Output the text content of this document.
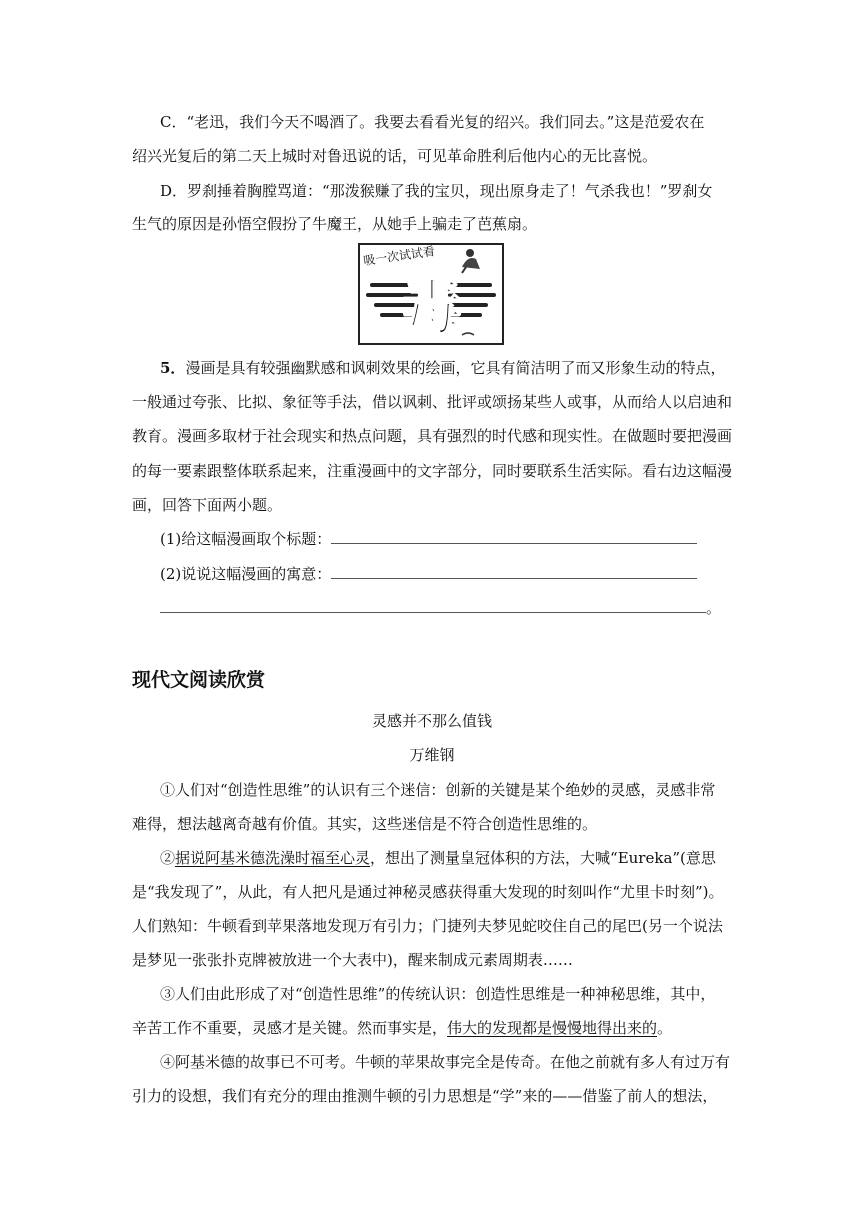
C．“老迅，我们今天不喝酒了。我要去看看光复的绍兴。我们同去。”这是范爱农在
绍兴光复后的第二天上城时对鲁迅说的话，可见革命胜利后他内心的无比喜悦。
D．罗刹捶着胸膛骂道：“那泼猴赚了我的宝贝，现出原身走了！气杀我也！”罗刹女
生气的原因是孙悟空假扮了牛魔王，从她手上骗走了芭蕉扇。
毒
吸一次试试看
5．漫画是具有较强幽默感和讽刺效果的绘画，它具有简洁明了而又形象生动的特点，
一般通过夸张、比拟、象征等手法，借以讽刺、批评或颂扬某些人或事，从而给人以启迪和
教育。漫画多取材于社会现实和热点问题，具有强烈的时代感和现实性。在做题时要把漫画
的每一要素跟整体联系起来，注重漫画中的文字部分，同时要联系生活实际。看右边这幅漫
画，回答下面两小题。
(1)给这幅漫画取个标题：
(2)说说这幅漫画的寓意：
。
现代文阅读欣赏
灵感并不那么值钱
万维钢
①人们对“创造性思维”的认识有三个迷信：创新的关键是某个绝妙的灵感，灵感非常
难得，想法越离奇越有价值。其实，这些迷信是不符合创造性思维的。
②据说阿基米德洗澡时福至心灵，想出了测量皇冠体积的方法，大喊“Eureka”(意思
是“我发现了”，从此，有人把凡是通过神秘灵感获得重大发现的时刻叫作“尤里卡时刻”)。
人们熟知：牛顿看到苹果落地发现万有引力；门捷列夫梦见蛇咬住自己的尾巴(另一个说法
是梦见一张张扑克牌被放进一个大表中)，醒来制成元素周期表……
③人们由此形成了对“创造性思维”的传统认识：创造性思维是一种神秘思维，其中，
辛苦工作不重要，灵感才是关键。然而事实是，伟大的发现都是慢慢地得出来的。
④阿基米德的故事已不可考。牛顿的苹果故事完全是传奇。在他之前就有多人有过万有
引力的设想，我们有充分的理由推测牛顿的引力思想是“学”来的——借鉴了前人的想法，
